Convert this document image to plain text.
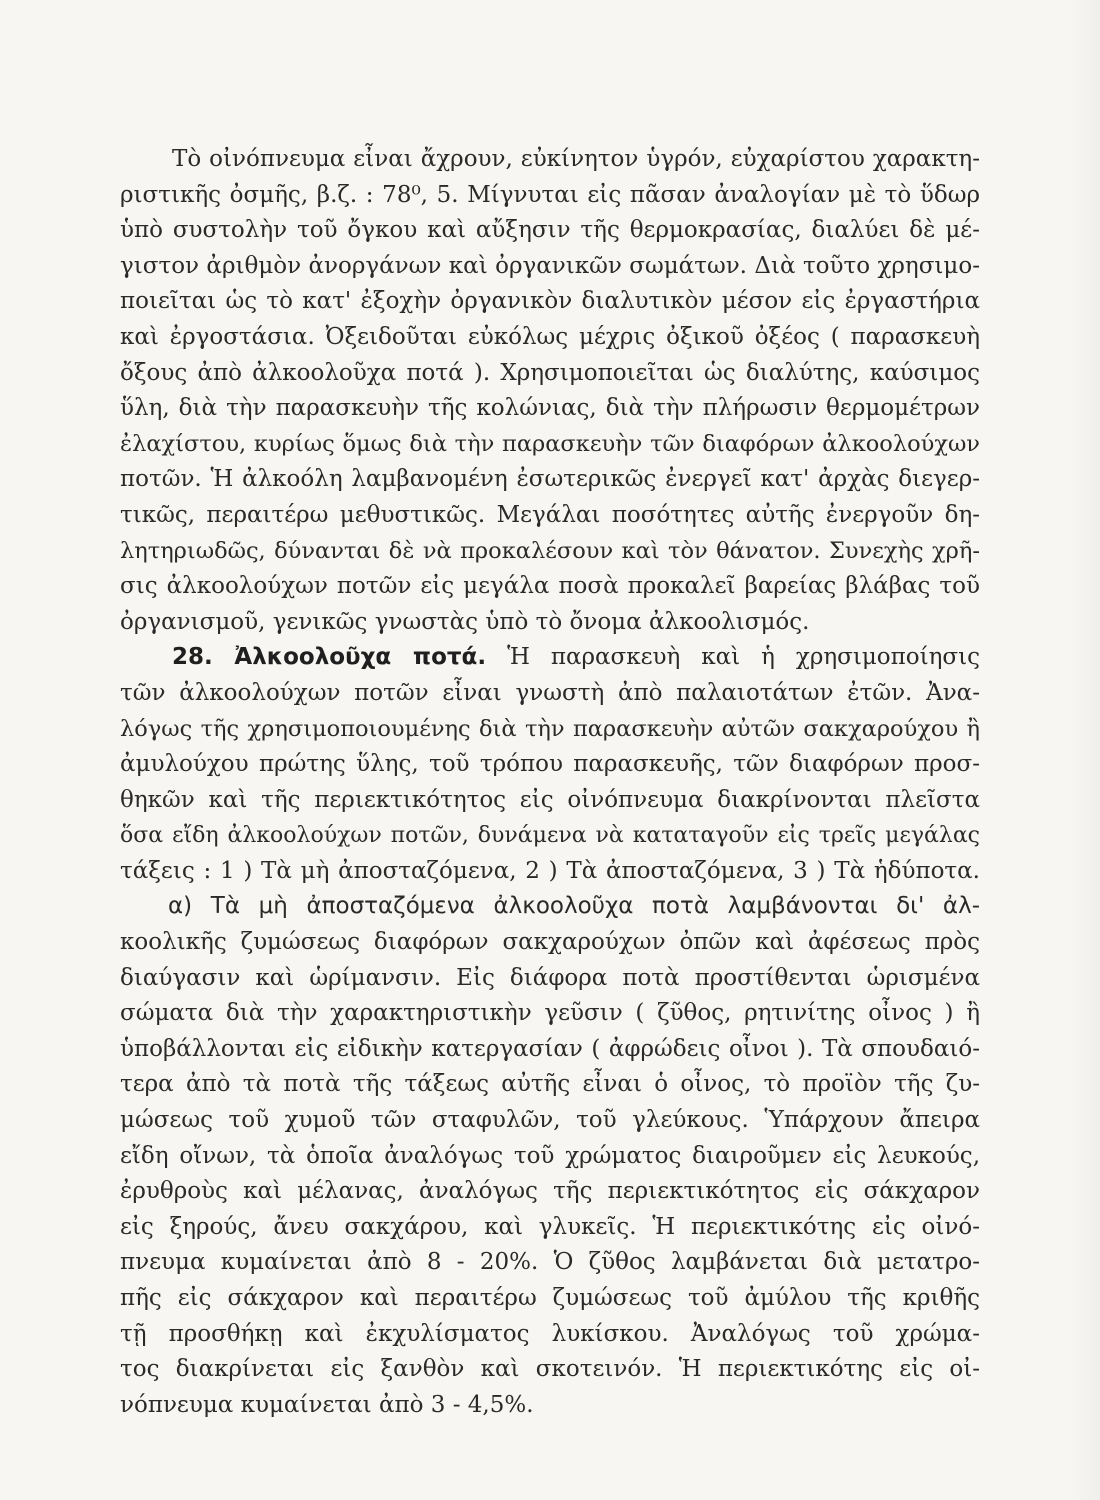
Τὸ οἰνόπνευμα εἶναι ἄχρουν, εὐκίνητον ὑγρόν, εὐχαρίστου χαρακτη-
ριστικῆς ὀσμῆς, β.ζ. : 78⁰, 5. Μίγνυται εἰς πᾶσαν ἀναλογίαν μὲ τὸ ὕδωρ
ὑπὸ συστολὴν τοῦ ὄγκου καὶ αὔξησιν τῆς θερμοκρασίας, διαλύει δὲ μέ-
γιστον ἀριθμὸν ἀνοργάνων καὶ ὀργανικῶν σωμάτων. Διὰ τοῦτο χρησιμο-
ποιεῖται ὡς τὸ κατ' ἐξοχὴν ὀργανικὸν διαλυτικὸν μέσον εἰς ἐργαστήρια
καὶ ἐργοστάσια. Ὀξειδοῦται εὐκόλως μέχρις ὀξικοῦ ὀξέος ( παρασκευὴ
ὄξους ἀπὸ ἀλκοολοῦχα ποτά ). Χρησιμοποιεῖται ὡς διαλύτης, καύσιμος
ὕλη, διὰ τὴν παρασκευὴν τῆς κολώνιας, διὰ τὴν πλήρωσιν θερμομέτρων
ἐλαχίστου, κυρίως ὅμως διὰ τὴν παρασκευὴν τῶν διαφόρων ἀλκοολούχων
ποτῶν. Ἡ ἀλκοόλη λαμβανομένη ἐσωτερικῶς ἐνεργεῖ κατ' ἀρχὰς διεγερ-
τικῶς, περαιτέρω μεθυστικῶς. Μεγάλαι ποσότητες αὐτῆς ἐνεργοῦν δη-
λητηριωδῶς, δύνανται δὲ νὰ προκαλέσουν καὶ τὸν θάνατον. Συνεχὴς χρῆ-
σις ἀλκοολούχων ποτῶν εἰς μεγάλα ποσὰ προκαλεῖ βαρείας βλάβας τοῦ
ὀργανισμοῦ, γενικῶς γνωστὰς ὑπὸ τὸ ὄνομα ἀλκοολισμός.
28. Ἀλκοολοῦχα ποτά. Ἡ παρασκευὴ καὶ ἡ χρησιμοποίησις
τῶν ἀλκοολούχων ποτῶν εἶναι γνωστὴ ἀπὸ παλαιοτάτων ἐτῶν. Ἀνα-
λόγως τῆς χρησιμοποιουμένης διὰ τὴν παρασκευὴν αὐτῶν σακχαρούχου ἢ
ἀμυλούχου πρώτης ὕλης, τοῦ τρόπου παρασκευῆς, τῶν διαφόρων προσ-
θηκῶν καὶ τῆς περιεκτικότητος εἰς οἰνόπνευμα διακρίνονται πλεῖστα
ὅσα εἴδη ἀλκοολούχων ποτῶν, δυνάμενα νὰ καταταγοῦν εἰς τρεῖς μεγάλας
τάξεις : 1 ) Τὰ μὴ ἀποσταζόμενα, 2 ) Τὰ ἀποσταζόμενα, 3 ) Τὰ ἡδύποτα.
α) Τὰ μὴ ἀποσταζόμενα ἀλκοολοῦχα ποτὰ λαμβάνονται δι' ἀλ-
κοολικῆς ζυμώσεως διαφόρων σακχαρούχων ὀπῶν καὶ ἀφέσεως πρὸς
διαύγασιν καὶ ὡρίμανσιν. Εἰς διάφορα ποτὰ προστίθενται ὡρισμένα
σώματα διὰ τὴν χαρακτηριστικὴν γεῦσιν ( ζῦθος, ρητινίτης οἶνος ) ἢ
ὑποβάλλονται εἰς εἰδικὴν κατεργασίαν ( ἀφρώδεις οἶνοι ). Τὰ σπουδαιό-
τερα ἀπὸ τὰ ποτὰ τῆς τάξεως αὐτῆς εἶναι ὁ οἶνος, τὸ προϊὸν τῆς ζυ-
μώσεως τοῦ χυμοῦ τῶν σταφυλῶν, τοῦ γλεύκους. Ὑπάρχουν ἄπειρα
εἴδη οἴνων, τὰ ὁποῖα ἀναλόγως τοῦ χρώματος διαιροῦμεν εἰς λευκούς,
ἐρυθροὺς καὶ μέλανας, ἀναλόγως τῆς περιεκτικότητος εἰς σάκχαρον
εἰς ξηρούς, ἄνευ σακχάρου, καὶ γλυκεῖς. Ἡ περιεκτικότης εἰς οἰνό-
πνευμα κυμαίνεται ἀπὸ 8 - 20%. Ὁ ζῦθος λαμβάνεται διὰ μετατρο-
πῆς εἰς σάκχαρον καὶ περαιτέρω ζυμώσεως τοῦ ἀμύλου τῆς κριθῆς
τῇ προσθήκῃ καὶ ἐκχυλίσματος λυκίσκου. Ἀναλόγως τοῦ χρώμα-
τος διακρίνεται εἰς ξανθὸν καὶ σκοτεινόν. Ἡ περιεκτικότης εἰς οἰ-
νόπνευμα κυμαίνεται ἀπὸ 3 - 4,5%.
